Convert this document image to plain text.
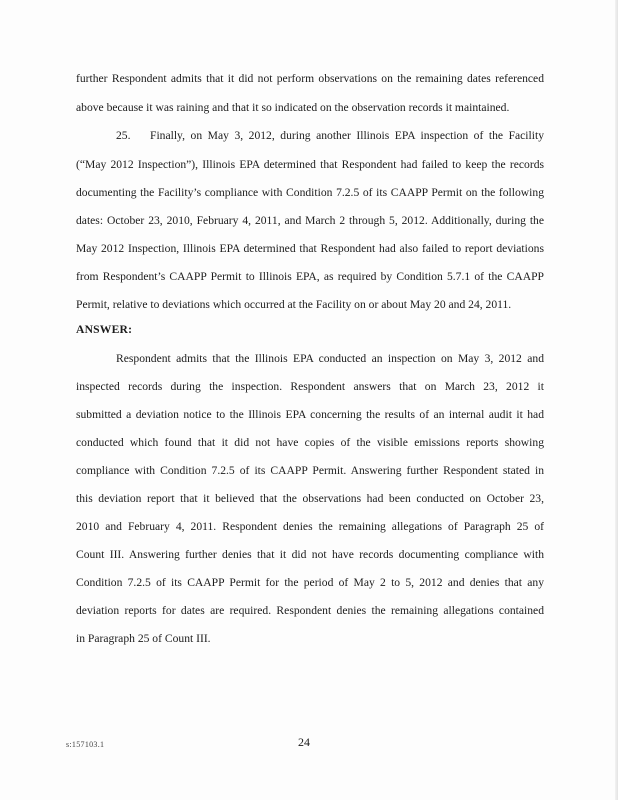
further Respondent admits that it did not perform observations on the remaining dates referenced
above because it was raining and that it so indicated on the observation records it maintained.
25. Finally, on May 3, 2012, during another Illinois EPA inspection of the Facility
(“May 2012 Inspection”), Illinois EPA determined that Respondent had failed to keep the records
documenting the Facility’s compliance with Condition 7.2.5 of its CAAPP Permit on the following
dates: October 23, 2010, February 4, 2011, and March 2 through 5, 2012. Additionally, during the
May 2012 Inspection, Illinois EPA determined that Respondent had also failed to report deviations
from Respondent’s CAAPP Permit to Illinois EPA, as required by Condition 5.7.1 of the CAAPP
Permit, relative to deviations which occurred at the Facility on or about May 20 and 24, 2011.
ANSWER:
Respondent admits that the Illinois EPA conducted an inspection on May 3, 2012 and
inspected records during the inspection. Respondent answers that on March 23, 2012 it
submitted a deviation notice to the Illinois EPA concerning the results of an internal audit it had
conducted which found that it did not have copies of the visible emissions reports showing
compliance with Condition 7.2.5 of its CAAPP Permit. Answering further Respondent stated in
this deviation report that it believed that the observations had been conducted on October 23,
2010 and February 4, 2011. Respondent denies the remaining allegations of Paragraph 25 of
Count III. Answering further denies that it did not have records documenting compliance with
Condition 7.2.5 of its CAAPP Permit for the period of May 2 to 5, 2012 and denies that any
deviation reports for dates are required. Respondent denies the remaining allegations contained
in Paragraph 25 of Count III.
s:157103.1	24
